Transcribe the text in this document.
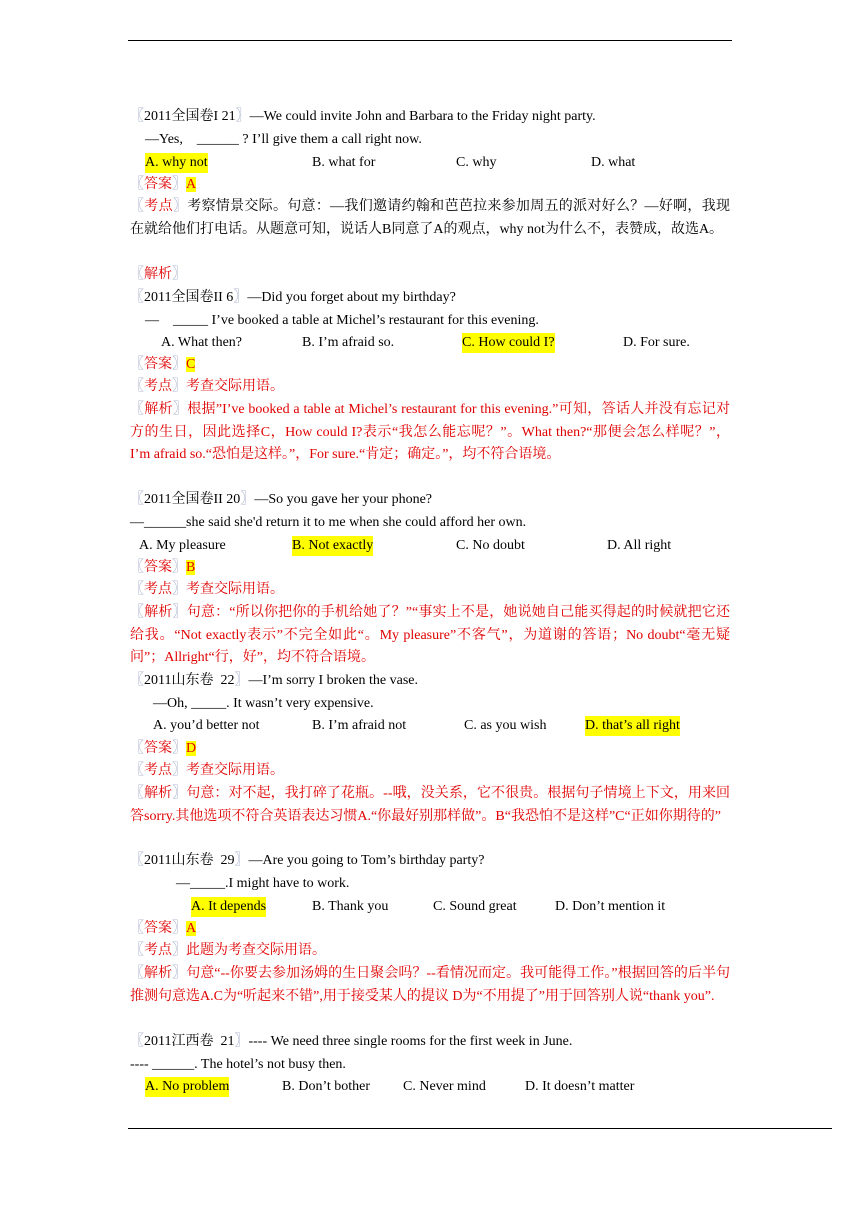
〖2011全国卷I 21〗—We could invite John and Barbara to the Friday night party.
—Yes,    ______ ? I’ll give them a call right now.
A. why not	B. what for	C. why	D. what
〖答案〗A
〖考点〗考察情景交际。句意：—我们邀请约翰和芭芭拉来参加周五的派对好么？—好啊，我现在就给他们打电话。从题意可知，说话人B同意了A的观点，why not为什么不，表赞成，故选A。
〖解析〗
〖2011全国卷II 6〗—Did you forget about my birthday?
—    _____ I’ve booked a table at Michel’s restaurant for this evening.
A. What then?	B. I’m afraid so.	C. How could I?	D. For sure.
〖答案〗C
〖考点〗考查交际用语。
〖解析〗根据”I’ve booked a table at Michel’s restaurant for this evening.”可知，答话人并没有忘记对方的生日，因此选择C，How could I?表示“我怎么能忘呢？”。What then?“那便会怎么样呢？”，I’m afraid so.“恐怕是这样。”，For sure.“肯定；确定。”，均不符合语境。
〖2011全国卷II 20〗—So you gave her your phone?
—______she said she'd return it to me when she could afford her own.
A. My pleasure	B. Not exactly	C. No doubt	D. All right
〖答案〗B
〖考点〗考查交际用语。
〖解析〗句意：“所以你把你的手机给她了？”“事实上不是，她说她自己能买得起的时候就把它还给我。“Not exactly表示”不完全如此“。My pleasure”不客气”，为道谢的答语；No doubt“毫无疑问”；Allright“行，好”，均不符合语境。
〖2011山东卷  22〗—I’m sorry I broken the vase.
—Oh, _____. It wasn’t very expensive.
A. you’d better not	B. I’m afraid not	C. as you wish	D. that’s all right
〖答案〗D
〖考点〗考查交际用语。
〖解析〗句意：对不起，我打碎了花瓶。--哦，没关系，它不很贵。根据句子情境上下文，用来回答sorry.其他选项不符合英语表达习惯A.“你最好别那样做”。B“我恐怕不是这样”C“正如你期待的”
〖2011山东卷  29〗—Are you going to Tom’s birthday party?
—_____.I might have to work.
A. It depends	B. Thank you	C. Sound great	D. Don’t mention it
〖答案〗A
〖考点〗此题为考查交际用语。
〖解析〗句意“--你要去参加汤姆的生日聚会吗？--看情况而定。我可能得工作。”根据回答的后半句推测句意选A.C为“听起来不错”,用于接受某人的提议 D为“不用提了”用于回答别人说“thank you”.
〖2011江西卷  21〗---- We need three single rooms for the first week in June.
---- ______. The hotel’s not busy then.
A. No problem	B. Don’t bother C. Never mind	D. It doesn’t matter
